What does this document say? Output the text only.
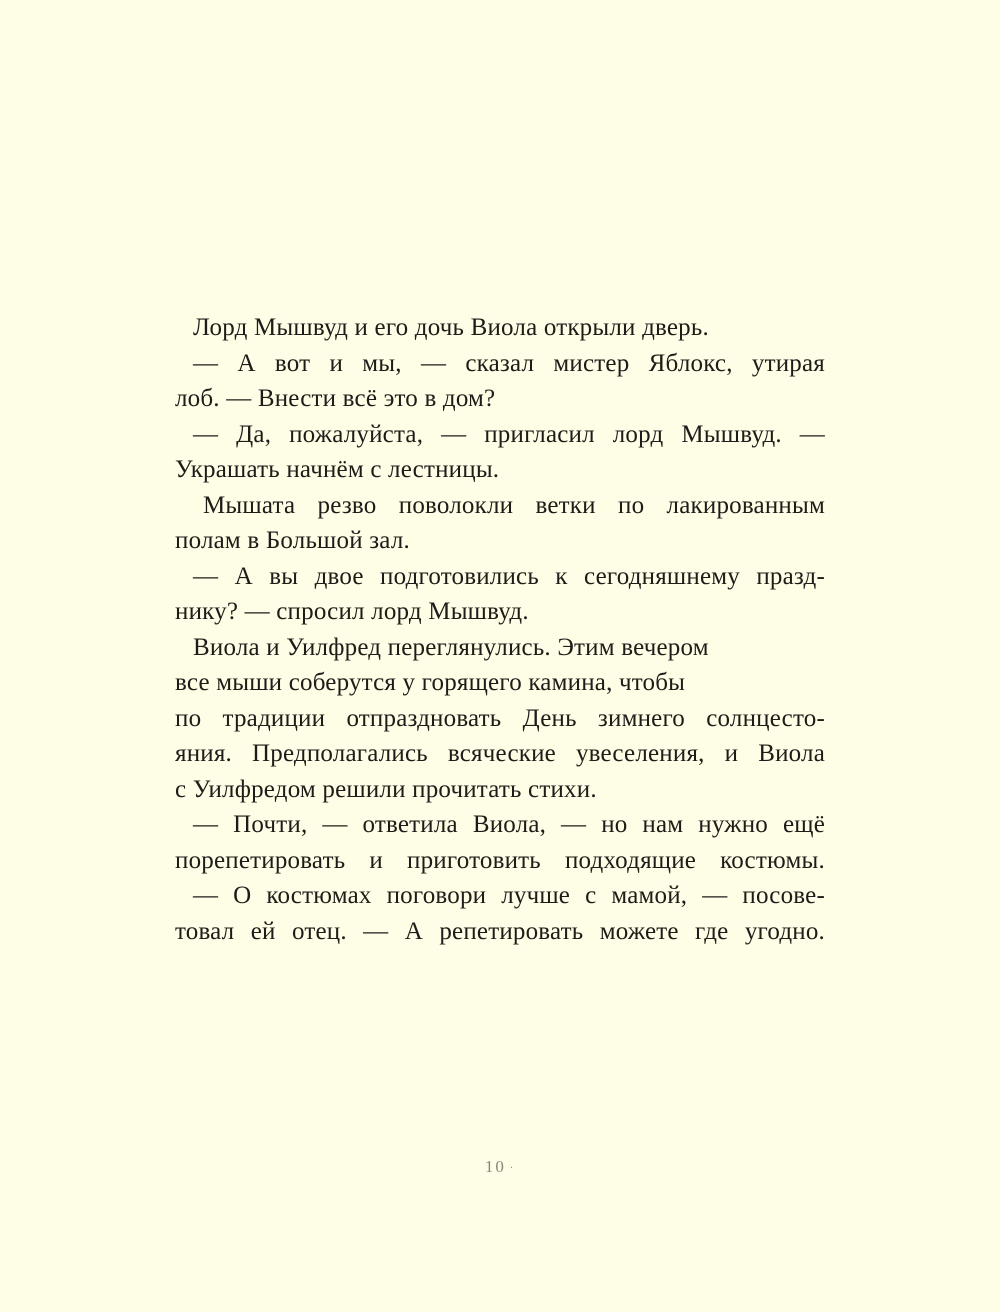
Лорд Мышвуд и его дочь Виола открыли дверь.
— А вот и мы, — сказал мистер Яблокс, утирая
лоб. — Внести всё это в дом?
— Да, пожалуйста, — пригласил лорд Мышвуд. —
Украшать начнём с лестницы.
Мышата резво поволокли ветки по лакированным
полам в Большой зал.
— А вы двое подготовились к сегодняшнему празд-
нику? — спросил лорд Мышвуд.
Виола и Уилфред переглянулись. Этим вечером
все мыши соберутся у горящего камина, чтобы
по традиции отпраздновать День зимнего солнцесто-
яния. Предполагались всяческие увеселения, и Виола
с Уилфредом решили прочитать стихи.
— Почти, — ответила Виола, — но нам нужно ещё
порепетировать и приготовить подходящие костюмы.
— О костюмах поговори лучше с мамой, — посове-
товал ей отец. — А репетировать можете где угодно.
10 ·
